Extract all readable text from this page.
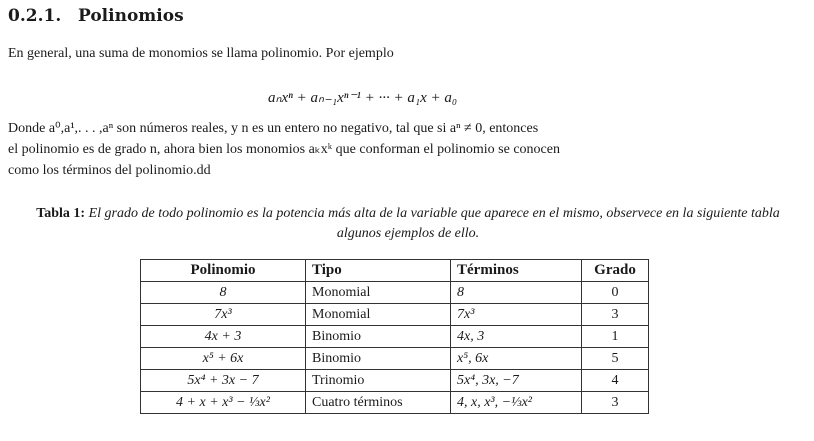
0.2.1. Polinomios
En general, una suma de monomios se llama polinomio. Por ejemplo
aₙxⁿ + aₙ₋₁xⁿ⁻¹ + ··· + a₁x + a₀
Donde a⁰,a¹,. . . ,aⁿ son números reales, y n es un entero no negativo, tal que si aⁿ ≠ 0, entonces
el polinomio es de grado n, ahora bien los monomios aₖxᵏ que conforman el polinomio se conocen
como los términos del polinomio.dd
Tabla 1: El grado de todo polinomio es la potencia más alta de la variable que aparece en el mismo, observece en la siguiente tabla algunos ejemplos de ello.
Polinomio	Tipo	Términos	Grado
8	Monomial	8	0
7x³	Monomial	7x³	3
4x + 3	Binomio	4x, 3	1
x⁵ + 6x	Binomio	x⁵, 6x	5
5x⁴ + 3x − 7	Trinomio	5x⁴, 3x, −7	4
4 + x + x³ − ⅓x²	Cuatro términos	4, x, x³, −⅓x²	3
